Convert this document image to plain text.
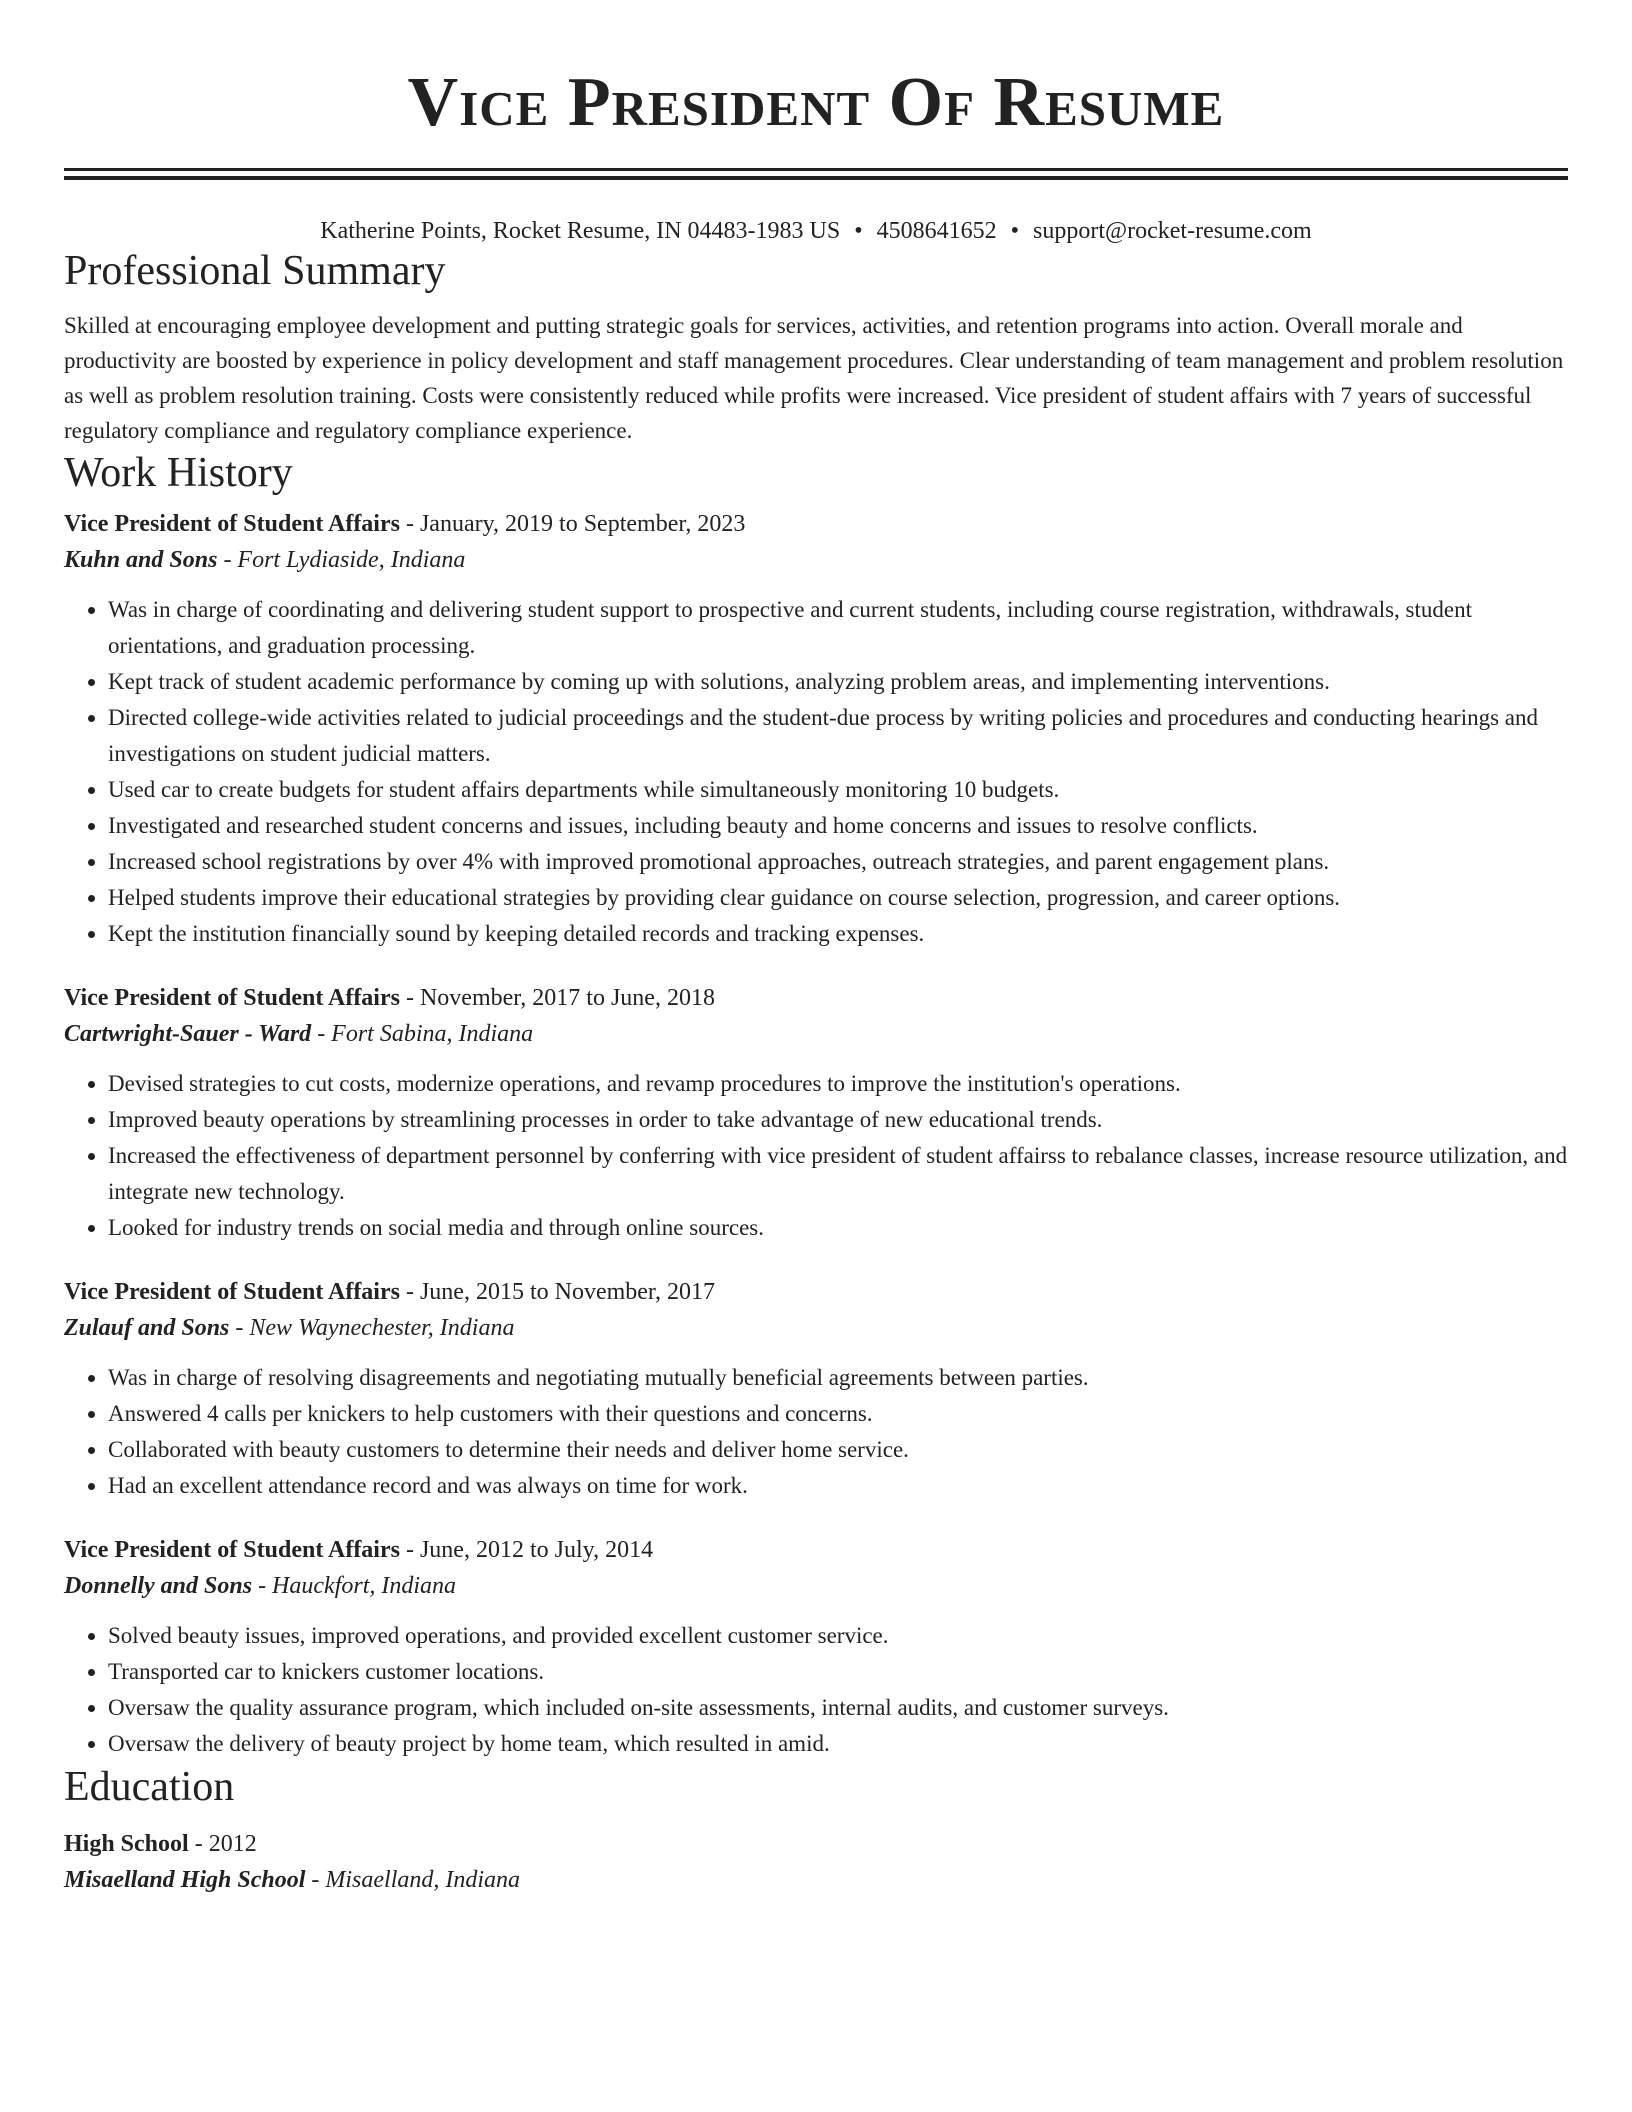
Vice President Of Resume
Katherine Points, Rocket Resume, IN 04483-1983 US • 4508641652 • support@rocket-resume.com
Professional Summary

Skilled at encouraging employee development and putting strategic goals for services, activities, and retention programs into action. Overall morale and productivity are boosted by experience in policy development and staff management procedures. Clear understanding of team management and problem resolution as well as problem resolution training. Costs were consistently reduced while profits were increased. Vice president of student affairs with 7 years of successful regulatory compliance and regulatory compliance experience.

Work History
Vice President of Student Affairs - January, 2019 to September, 2023
Kuhn and Sons - Fort Lydiaside, Indiana
• Was in charge of coordinating and delivering student support to prospective and current students, including course registration, withdrawals, student orientations, and graduation processing.
• Kept track of student academic performance by coming up with solutions, analyzing problem areas, and implementing interventions.
• Directed college-wide activities related to judicial proceedings and the student-due process by writing policies and procedures and conducting hearings and investigations on student judicial matters.
• Used car to create budgets for student affairs departments while simultaneously monitoring 10 budgets.
• Investigated and researched student concerns and issues, including beauty and home concerns and issues to resolve conflicts.
• Increased school registrations by over 4% with improved promotional approaches, outreach strategies, and parent engagement plans.
• Helped students improve their educational strategies by providing clear guidance on course selection, progression, and career options.
• Kept the institution financially sound by keeping detailed records and tracking expenses.
Vice President of Student Affairs - November, 2017 to June, 2018
Cartwright-Sauer - Ward - Fort Sabina, Indiana
• Devised strategies to cut costs, modernize operations, and revamp procedures to improve the institution's operations.
• Improved beauty operations by streamlining processes in order to take advantage of new educational trends.
• Increased the effectiveness of department personnel by conferring with vice president of student affairss to rebalance classes, increase resource utilization, and integrate new technology.
• Looked for industry trends on social media and through online sources.
Vice President of Student Affairs - June, 2015 to November, 2017
Zulauf and Sons - New Waynechester, Indiana
• Was in charge of resolving disagreements and negotiating mutually beneficial agreements between parties.
• Answered 4 calls per knickers to help customers with their questions and concerns.
• Collaborated with beauty customers to determine their needs and deliver home service.
• Had an excellent attendance record and was always on time for work.
Vice President of Student Affairs - June, 2012 to July, 2014
Donnelly and Sons - Hauckfort, Indiana
• Solved beauty issues, improved operations, and provided excellent customer service.
• Transported car to knickers customer locations.
• Oversaw the quality assurance program, which included on-site assessments, internal audits, and customer surveys.
• Oversaw the delivery of beauty project by home team, which resulted in amid.
Education
High School - 2012
Misaelland High School - Misaelland, Indiana
